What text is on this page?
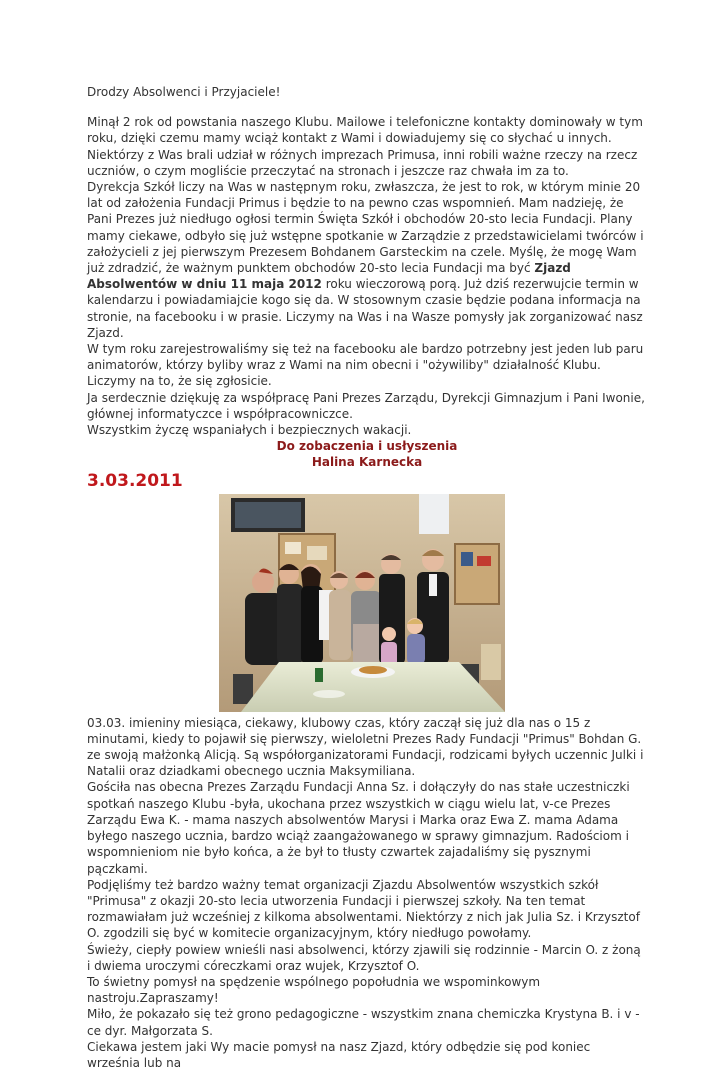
Drodzy Absolwenci i Przyjaciele!

Minął 2 rok od powstania naszego Klubu. Mailowe i telefoniczne kontakty dominowały w tym roku, dzięki czemu mamy wciąż kontakt z Wami i dowiadujemy się co słychać u innych. Niektórzy z Was brali udział w różnych imprezach Primusa, inni robili ważne rzeczy na rzecz uczniów, o czym mogliście przeczytać na stronach i jeszcze raz chwała im za to.

Dyrekcja Szkół liczy na Was w następnym roku, zwłaszcza, że jest to rok, w którym minie 20 lat od założenia Fundacji Primus i będzie to na pewno czas wspomnień. Mam nadzieję, że Pani Prezes już niedługo ogłosi termin Święta Szkół i obchodów 20-sto lecia Fundacji. Plany mamy ciekawe, odbyło się już wstępne spotkanie w Zarządzie z przedstawicielami twórców i założycieli z jej pierwszym Prezesem Bohdanem Garsteckim na czele. Myślę, że mogę Wam już zdradzić, że ważnym punktem obchodów 20-sto lecia Fundacji ma być Zjazd Absolwentów w dniu 11 maja 2012 roku wieczorową porą. Już dziś rezerwujcie termin w kalendarzu i powiadamiajcie kogo się da. W stosownym czasie będzie podana informacja na stronie, na facebooku i w prasie. Liczymy na Was i na Wasze pomysły jak zorganizować nasz Zjazd.

W tym roku zarejestrowaliśmy się też na facebooku ale bardzo potrzebny jest jeden lub paru animatorów, którzy byliby wraz z Wami na nim obecni i "ożywiliby" działalność Klubu. Liczymy na to, że się zgłosicie.

Ja serdecznie dziękuję za współpracę Pani Prezes Zarządu, Dyrekcji Gimnazjum i Pani Iwonie, głównej informatyczce i współpracowniczce.

Wszystkim życzę wspaniałych i bezpiecznych wakacji.

Do zobaczenia i usłyszenia

Halina Karnecka

3.03.2011

03.03. imieniny miesiąca, ciekawy, klubowy czas, który zaczął się już dla nas o 15 z minutami, kiedy to pojawił się pierwszy, wieloletni Prezes Rady Fundacji "Primus" Bohdan G. ze swoją małżonką Alicją. Są współorganizatorami Fundacji, rodzicami byłych uczennic Julki i Natalii oraz dziadkami obecnego ucznia Maksymiliana.

Gościła nas obecna Prezes Zarządu Fundacji Anna Sz. i dołączyły do nas stałe uczestniczki spotkań naszego Klubu -była, ukochana przez wszystkich w ciągu wielu lat, v-ce Prezes Zarządu Ewa K. - mama naszych absolwentów Marysi i Marka oraz Ewa Z. mama Adama byłego naszego ucznia, bardzo wciąż zaangażowanego w sprawy gimnazjum. Radościom i wspomnieniom nie było końca, a że był to tłusty czwartek zajadaliśmy się pysznymi pączkami.

Podjęliśmy też bardzo ważny temat organizacji Zjazdu Absolwentów wszystkich szkół "Primusa" z okazji 20-sto lecia utworzenia Fundacji i pierwszej szkoły. Na ten temat rozmawiałam już wcześniej z kilkoma absolwentami. Niektórzy z nich jak Julia Sz. i Krzysztof O. zgodzili się być w komitecie organizacyjnym, który niedługo powołamy.

Świeży, ciepły powiew wnieśli nasi absolwenci, którzy zjawili się rodzinnie - Marcin O. z żoną i dwiema uroczymi córeczkami oraz wujek, Krzysztof O.

To świetny pomysł na spędzenie wspólnego popołudnia we wspominkowym nastroju.Zapraszamy!

Miło, że pokazało się też grono pedagogiczne - wszystkim znana chemiczka Krystyna B. i v -ce dyr. Małgorzata S.

Ciekawa jestem jaki Wy macie pomysł na nasz Zjazd, który odbędzie się pod koniec września lub na
